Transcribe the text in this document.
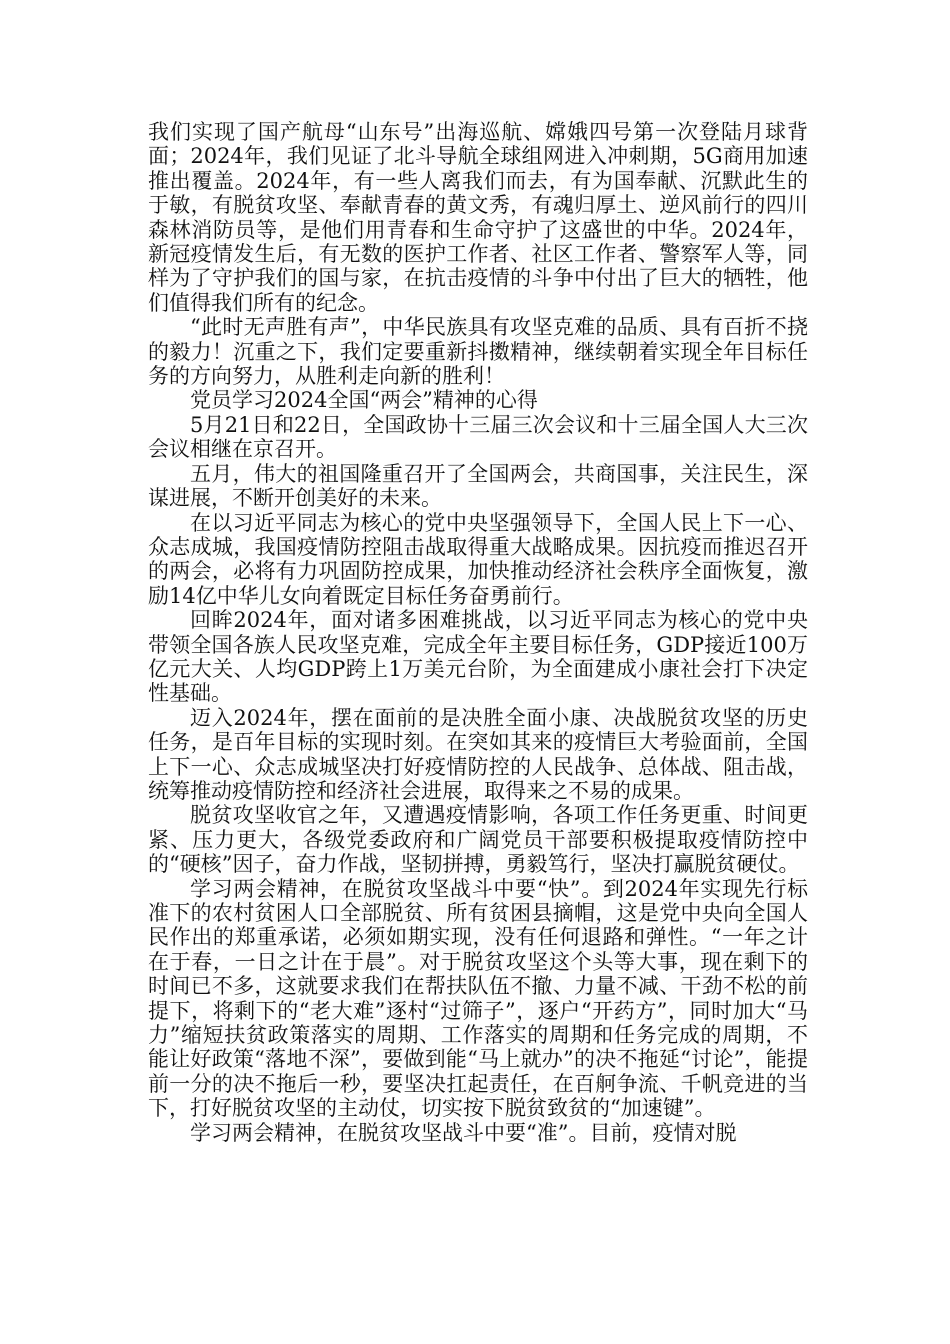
我们实现了国产航母“山东号”出海巡航、嫦娥四号第一次登陆月球背面；2024年，我们见证了北斗导航全球组网进入冲刺期，5G商用加速推出覆盖。2024年，有一些人离我们而去，有为国奉献、沉默此生的于敏，有脱贫攻坚、奉献青春的黄文秀，有魂归厚土、逆风前行的四川森林消防员等，是他们用青春和生命守护了这盛世的中华。2024年，新冠疫情发生后，有无数的医护工作者、社区工作者、警察军人等，同样为了守护我们的国与家，在抗击疫情的斗争中付出了巨大的牺牲，他们值得我们所有的纪念。

“此时无声胜有声”，中华民族具有攻坚克难的品质、具有百折不挠的毅力！沉重之下，我们定要重新抖擞精神，继续朝着实现全年目标任务的方向努力，从胜利走向新的胜利！

党员学习2024全国“两会”精神的心得

5月21日和22日，全国政协十三届三次会议和十三届全国人大三次会议相继在京召开。

五月，伟大的祖国隆重召开了全国两会，共商国事，关注民生，深谋进展，不断开创美好的未来。

在以习近平同志为核心的党中央坚强领导下，全国人民上下一心、众志成城，我国疫情防控阻击战取得重大战略成果。因抗疫而推迟召开的两会，必将有力巩固防控成果，加快推动经济社会秩序全面恢复，激励14亿中华儿女向着既定目标任务奋勇前行。

回眸2024年，面对诸多困难挑战，以习近平同志为核心的党中央带领全国各族人民攻坚克难，完成全年主要目标任务，GDP接近100万亿元大关、人均GDP跨上1万美元台阶，为全面建成小康社会打下决定性基础。

迈入2024年，摆在面前的是决胜全面小康、决战脱贫攻坚的历史任务，是百年目标的实现时刻。在突如其来的疫情巨大考验面前，全国上下一心、众志成城坚决打好疫情防控的人民战争、总体战、阻击战，统筹推动疫情防控和经济社会进展，取得来之不易的成果。

脱贫攻坚收官之年，又遭遇疫情影响，各项工作任务更重、时间更紧、压力更大，各级党委政府和广阔党员干部要积极提取疫情防控中的“硬核”因子，奋力作战，坚韧拼搏，勇毅笃行，坚决打赢脱贫硬仗。

学习两会精神，在脱贫攻坚战斗中要“快”。到2024年实现先行标准下的农村贫困人口全部脱贫、所有贫困县摘帽，这是党中央向全国人民作出的郑重承诺，必须如期实现，没有任何退路和弹性。“一年之计在于春，一日之计在于晨”。对于脱贫攻坚这个头等大事，现在剩下的时间已不多，这就要求我们在帮扶队伍不撤、力量不减、干劲不松的前提下，将剩下的“老大难”逐村“过筛子”，逐户“开药方”，同时加大“马力”缩短扶贫政策落实的周期、工作落实的周期和任务完成的周期，不能让好政策“落地不深”，要做到能“马上就办”的决不拖延“讨论”，能提前一分的决不拖后一秒，要坚决扛起责任，在百舸争流、千帆竞进的当下，打好脱贫攻坚的主动仗，切实按下脱贫致贫的“加速键”。

学习两会精神，在脱贫攻坚战斗中要“准”。目前，疫情对脱
